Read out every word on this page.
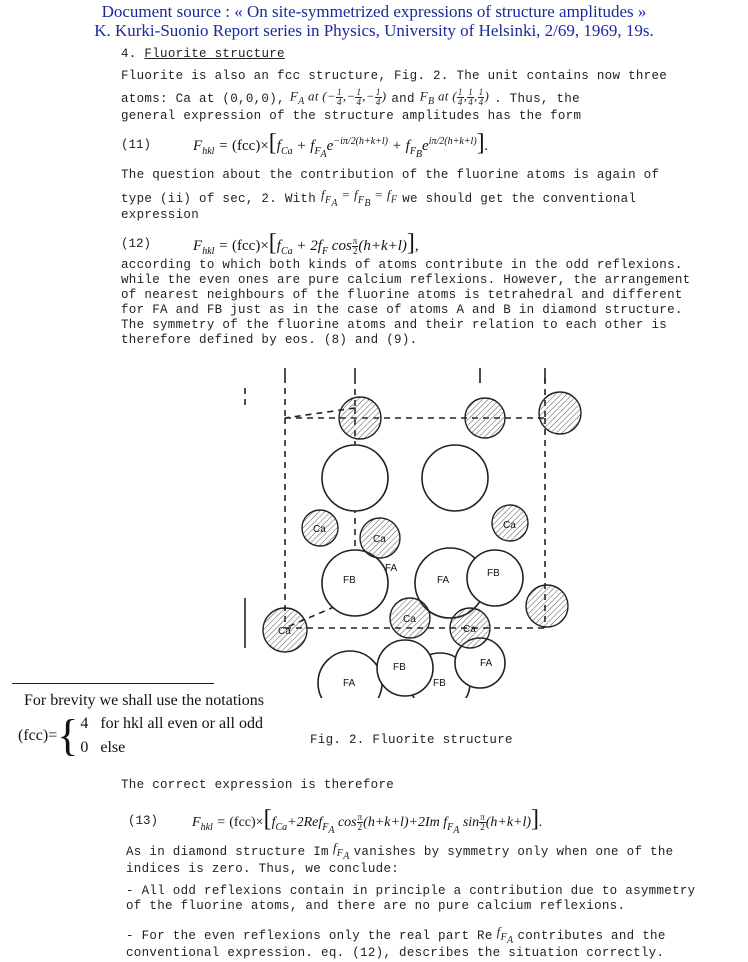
Document source : « On site-symmetrized expressions of structure amplitudes »
K. Kurki-Suonio Report series in Physics, University of Helsinki, 2/69, 1969, 19s.
4. Fluorite structure
Fluorite is also an fcc structure, Fig. 2. The unit contains now three
atoms: Ca at (0,0,0), $F_A$ at (− $\frac{1}{4}$ ,− $\frac{1}{4}$ ,− $\frac{1}{4}$ ) and $F_B$ at ( $\frac{1}{4}$ , $\frac{1}{4}$ , $\frac{1}{4}$ ) . Thus, the
general expression of the structure amplitudes has the form
(11)	$F_{hkl} = (fcc)\times[f_{Ca} + f_{F_A}e^{-i\pi/2(h+k+l)} + f_{F_B}e^{i\pi/2(h+k+l)}]$.
The question about the contribution of the fluorine atoms is again of
type (ii) of sec, 2. With $f_{F_A} = f_{F_B} = f_F$ we should get the conventional
expression
(12)	$F_{hkl} = (fcc)\times[f_{Ca} + 2f_F$ $\cos \frac{\pi}{2} (h+k+l)$],
according to which both kinds of atoms contribute in the odd reflexions.
while the even ones are pure calcium reflexions. However, the arrangement
of nearest neighbours of the fluorine atoms is tetrahedral and different
for FA and FB just as in the case of atoms A and B in diamond structure.
The symmetry of the fluorine atoms and their relation to each other is
therefore defined by eos. (8) and (9).
Ca
Ca
Ca
Ca
Ca
Ca
FB
FA
FA
FB
FB	FA
FA	FB
For brevity we shall use the notations
(fcc)= { 4 for hkl all even or all odd
0 else	Fig. 2. Fluorite structure
The correct expression is therefore
(13) $F_{hkl} = (fcc)\times[f_{Ca}+2Ref_{F_A}$ $\cos \frac{\pi}{2} (h+k+l)+2Im$ $f_{F_A}$ $\sin \frac{\pi}{2} (h+k+l)$].
As in diamond structure Im $f_{F_A}$ vanishes by symmetry only when one of the
indices is zero. Thus, we conclude:
- All odd reflexions contain in principle a contribution due to asymmetry
of the fluorine atoms, and there are no pure calcium reflexions.
- For the even reflexions only the real part Re $f_{F_A}$ contributes and the
conventional expression. eq. (12), describes the situation correctly.
